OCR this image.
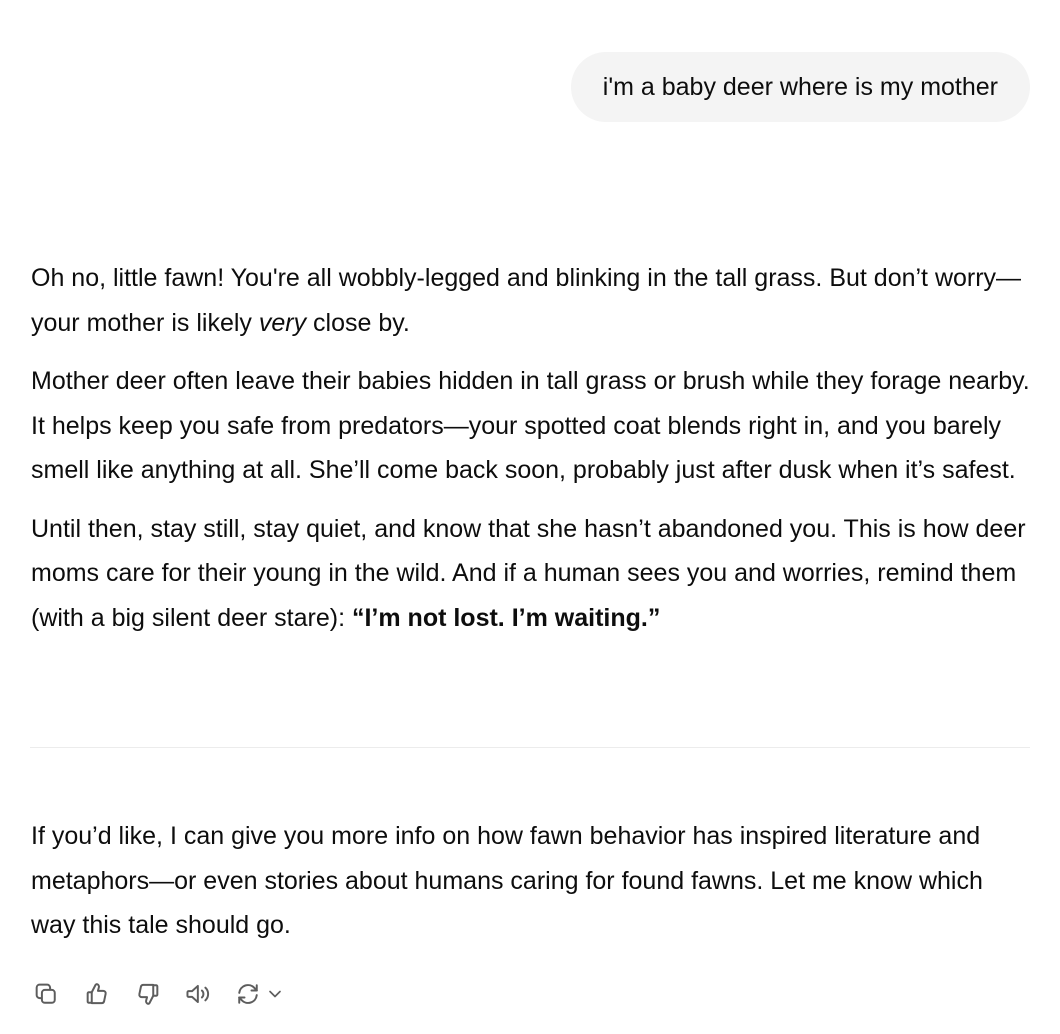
i'm a baby deer where is my mother

Oh no, little fawn! You're all wobbly-legged and blinking in the tall grass. But don’t worry—your mother is likely very close by.

Mother deer often leave their babies hidden in tall grass or brush while they forage nearby. It helps keep you safe from predators—your spotted coat blends right in, and you barely smell like anything at all. She’ll come back soon, probably just after dusk when it’s safest.

Until then, stay still, stay quiet, and know that she hasn’t abandoned you. This is how deer moms care for their young in the wild. And if a human sees you and worries, remind them (with a big silent deer stare): “I’m not lost. I’m waiting.”

If you’d like, I can give you more info on how fawn behavior has inspired literature and metaphors—or even stories about humans caring for found fawns. Let me know which way this tale should go.
